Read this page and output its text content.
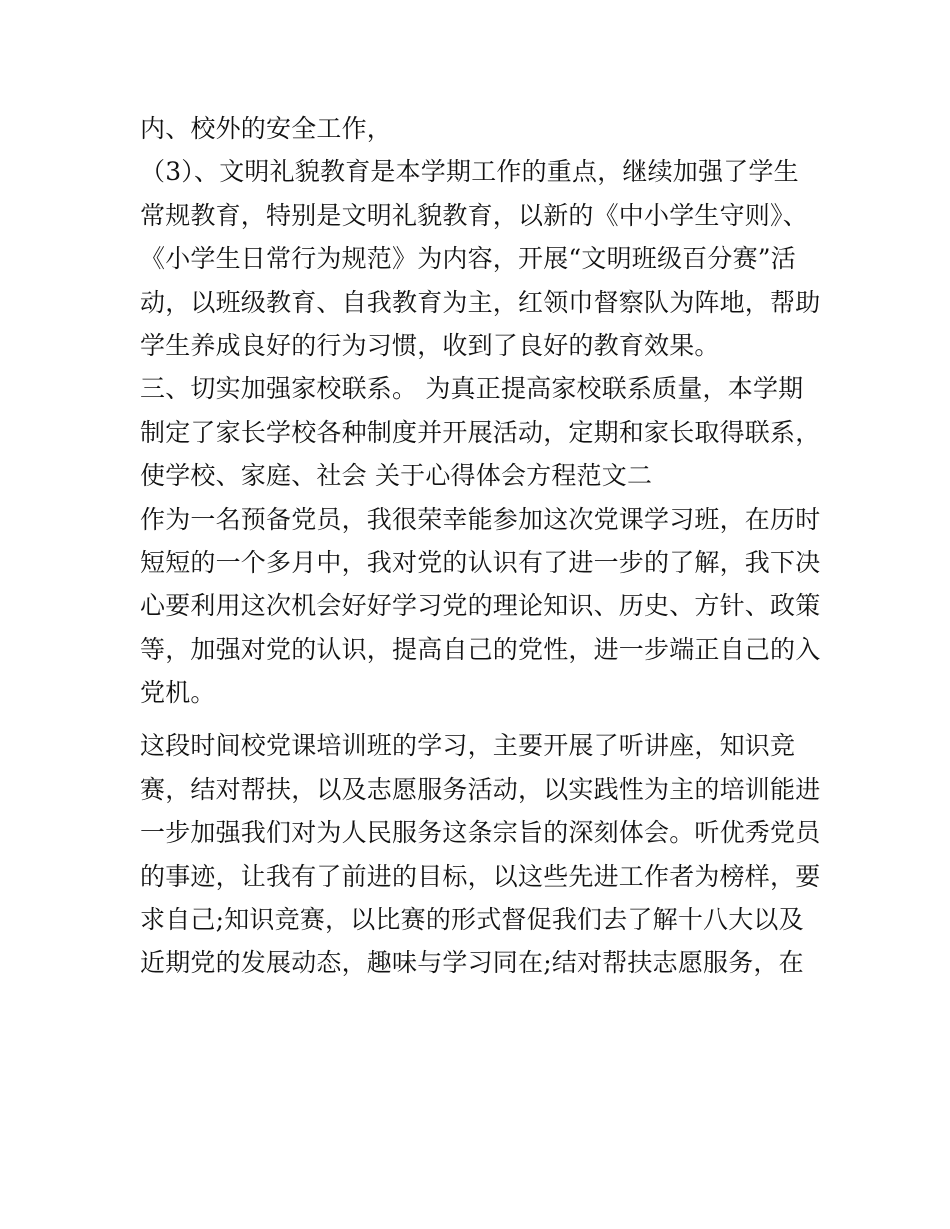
内、校外的安全工作，
（3）、文明礼貌教育是本学期工作的重点，继续加强了学生
常规教育，特别是文明礼貌教育，以新的《中小学生守则》、
《小学生日常行为规范》为内容，开展“文明班级百分赛”活
动，以班级教育、自我教育为主，红领巾督察队为阵地，帮助
学生养成良好的行为习惯，收到了良好的教育效果。
三、切实加强家校联系。 为真正提高家校联系质量，本学期
制定了家长学校各种制度并开展活动，定期和家长取得联系，
使学校、家庭、社会 关于心得体会方程范文二
作为一名预备党员，我很荣幸能参加这次党课学习班，在历时
短短的一个多月中，我对党的认识有了进一步的了解，我下决
心要利用这次机会好好学习党的理论知识、历史、方针、政策
等，加强对党的认识，提高自己的党性，进一步端正自己的入
党机。
这段时间校党课培训班的学习，主要开展了听讲座，知识竞
赛，结对帮扶，以及志愿服务活动，以实践性为主的培训能进
一步加强我们对为人民服务这条宗旨的深刻体会。听优秀党员
的事迹，让我有了前进的目标，以这些先进工作者为榜样，要
求自己;知识竞赛，以比赛的形式督促我们去了解十八大以及
近期党的发展动态，趣味与学习同在;结对帮扶志愿服务，在
